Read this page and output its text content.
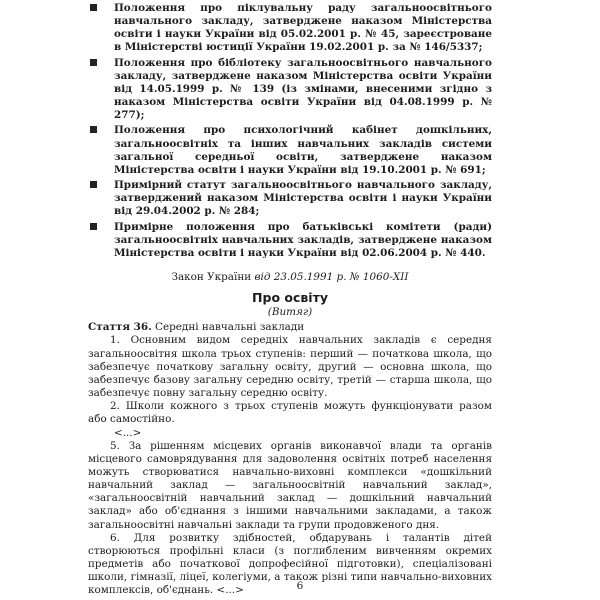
Положення про піклувальну раду загальноосвітнього навчального закладу, затверджене наказом Міністерства освіти і науки України від 05.02.2001 р. № 45, зареєстроване в Міністерстві юстиції України 19.02.2001 р. за № 146/5337;
Положення про бібліотеку загальноосвітнього навчального закладу, затверджене наказом Міністерства освіти України від 14.05.1999 р. № 139 (із змінами, внесеними згідно з наказом Міністерства освіти України від 04.08.1999 р. № 277);
Положення про психологічний кабінет дошкільних, загальноосвітніх та інших навчальних закладів системи загальної середньої освіти, затверджене наказом Міністерства освіти і науки України від 19.10.2001 р. № 691;
Примірний статут загальноосвітнього навчального закладу, затверджений наказом Міністерства освіти і науки України від 29.04.2002 р. № 284;
Примірне положення про батьківські комітети (ради) загальноосвітніх навчальних закладів, затверджене наказом Міністерства освіти і науки України від 02.06.2004 р. № 440.
Закон України від 23.05.1991 р. № 1060-XII
Про освіту
(Витяг)
Стаття 36. Середні навчальні заклади

1. Основним видом середніх навчальних закладів є середня загальноосвітня школа трьох ступенів: перший — початкова школа, що забезпечує початкову загальну освіту, другий — основна школа, що забезпечує базову загальну середню освіту, третій — старша школа, що забезпечує повну загальну середню освіту.

2. Школи кожного з трьох ступенів можуть функціонувати разом або самостійно.

<...>

5. За рішенням місцевих органів виконавчої влади та органів місцевого самоврядування для задоволення освітніх потреб населення можуть створюватися навчально-виховні комплекси «дошкільний навчальний заклад — загальноосвітній навчальний заклад», «загальноосвітній навчальний заклад — дошкільний навчальний заклад» або об'єднання з іншими навчальними закладами, а також загальноосвітні навчальні заклади та групи продовженого дня.

6. Для розвитку здібностей, обдарувань і талантів дітей створюються профільні класи (з поглибленим вивченням окремих предметів або початкової допрофесійної підготовки), спеціалізовані школи, гімназії, ліцеї, колегіуми, а також різні типи навчально-виховних комплексів, об'єднань. <...>	6
